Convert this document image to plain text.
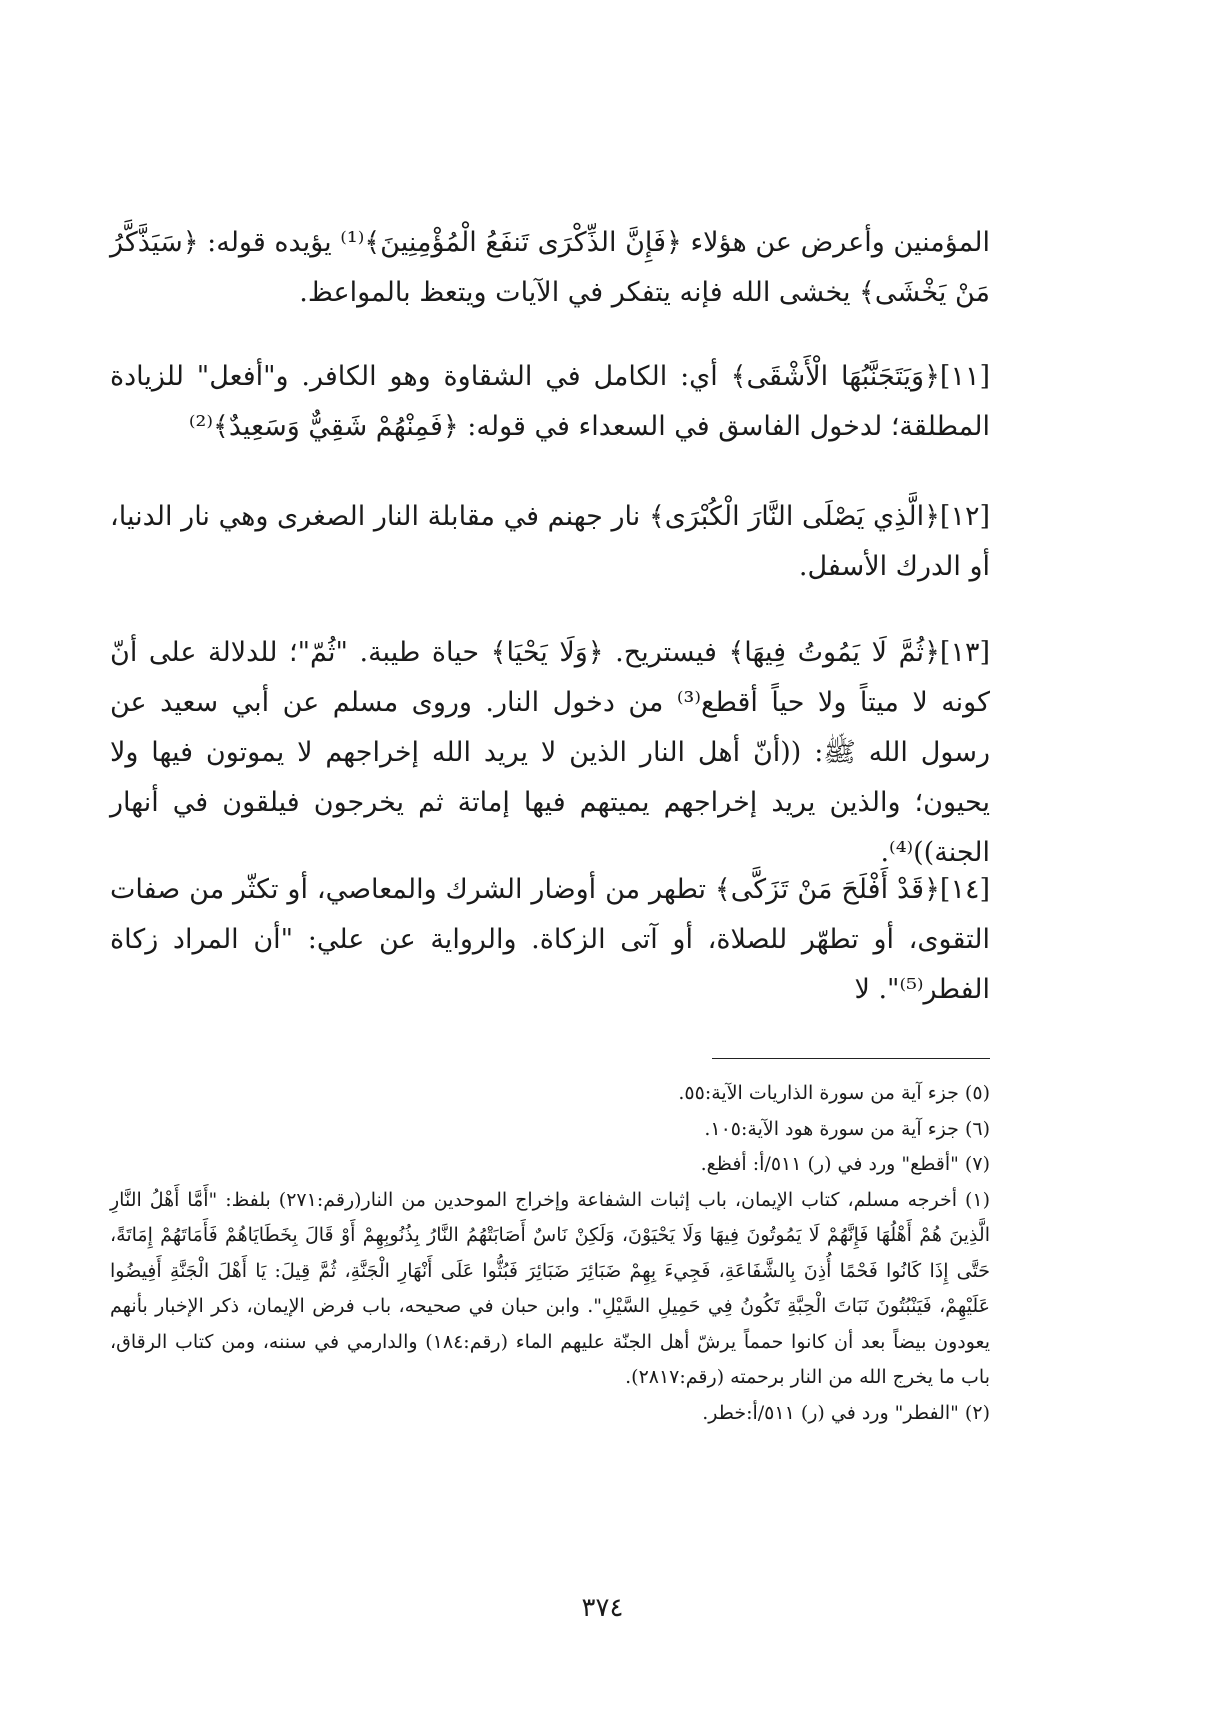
المؤمنين وأعرض عن هؤلاء ﴿فَإِنَّ الذِّكْرَى تَنفَعُ الْمُؤْمِنِينَ﴾⁽¹⁾ يؤيده قوله: ﴿سَيَذَّكَّرُ مَنْ يَخْشَى﴾ يخشى الله فإنه يتفكر في الآيات ويتعظ بالمواعظ.

[١١]﴿وَيَتَجَنَّبُهَا الْأَشْقَى﴾ أي: الكامل في الشقاوة وهو الكافر. و"أفعل" للزيادة المطلقة؛ لدخول الفاسق في السعداء في قوله: ﴿فَمِنْهُمْ شَقِيٌّ وَسَعِيدٌ﴾⁽²⁾

[١٢]﴿الَّذِي يَصْلَى النَّارَ الْكُبْرَى﴾ نار جهنم في مقابلة النار الصغرى وهي نار الدنيا، أو الدرك الأسفل.

[١٣]﴿ثُمَّ لَا يَمُوتُ فِيهَا﴾ فيستريح. ﴿وَلَا يَحْيَا﴾ حياة طيبة. "ثُمّ"؛ للدلالة على أنّ كونه لا ميتاً ولا حياً أقطع⁽³⁾ من دخول النار. وروى مسلم عن أبي سعيد عن رسول الله ﷺ: ((أنّ أهل النار الذين لا يريد الله إخراجهم لا يموتون فيها ولا يحيون؛ والذين يريد إخراجهم يميتهم فيها إماتة ثم يخرجون فيلقون في أنهار الجنة))⁽⁴⁾.

[١٤]﴿قَدْ أَفْلَحَ مَنْ تَزَكَّى﴾ تطهر من أوضار الشرك والمعاصي، أو تكثّر من صفات التقوى، أو تطهّر للصلاة، أو آتى الزكاة. والرواية عن علي: "أن المراد زكاة الفطر⁽⁵⁾". لا

(٥) جزء آية من سورة الذاريات الآية:٥٥.

(٦) جزء آية من سورة هود الآية:١٠٥.

(٧) "أقطع" ورد في (ر) ٥١١/أ: أفظع.

(١) أخرجه مسلم، كتاب الإيمان، باب إثبات الشفاعة وإخراج الموحدين من النار(رقم:٢٧١) بلفظ: "أَمَّا أَهْلُ النَّارِ الَّذِينَ هُمْ أَهْلُهَا فَإِنَّهُمْ لَا يَمُوتُونَ فِيهَا وَلَا يَحْيَوْنَ، وَلَكِنْ نَاسٌ أَصَابَتْهُمُ النَّارُ بِذُنُوبِهِمْ أَوْ قَالَ بِخَطَايَاهُمْ فَأَمَاتَهُمْ إِمَاتَةً، حَتَّى إِذَا كَانُوا فَحْمًا أُذِنَ بِالشَّفَاعَةِ، فَجِيءَ بِهِمْ ضَبَائِرَ ضَبَائِرَ فَبُثُّوا عَلَى أَنْهَارِ الْجَنَّةِ، ثُمَّ قِيلَ: يَا أَهْلَ الْجَنَّةِ أَفِيضُوا عَلَيْهِمْ، فَيَنْبُتُونَ نَبَاتَ الْحِبَّةِ تَكُونُ فِي حَمِيلِ السَّيْلِ". وابن حبان في صحيحه، باب فرض الإيمان، ذكر الإخبار بأنهم يعودون بيضاً بعد أن كانوا حمماً يرشّ أهل الجنّة عليهم الماء (رقم:١٨٤) والدارمي في سننه، ومن كتاب الرقاق، باب ما يخرج الله من النار برحمته (رقم:٢٨١٧).

(٢) "الفطر" ورد في (ر) ٥١١/أ:خطر.

٣٧٤
